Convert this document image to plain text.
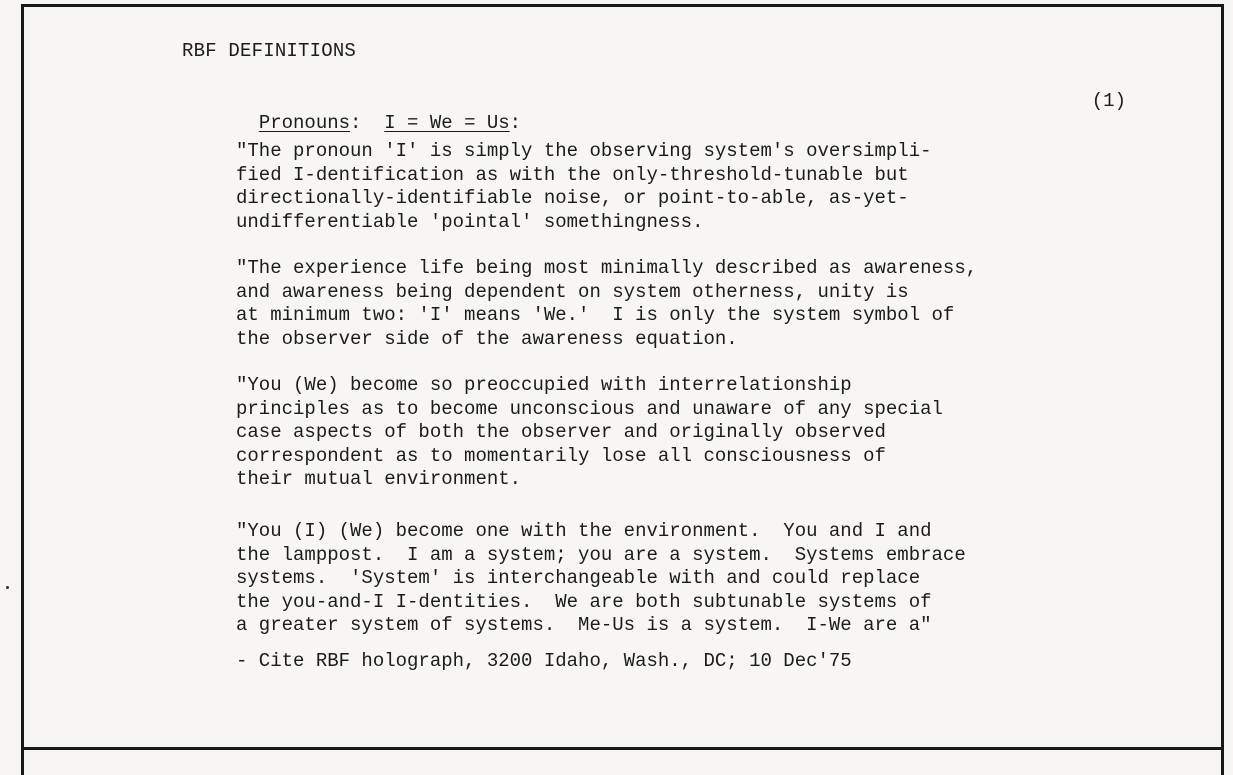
RBF DEFINITIONS

Pronouns: I = We = Us:

(1)

"The pronoun 'I' is simply the observing system's oversimpli-
fied I-dentification as with the only-threshold-tunable but
directionally-identifiable noise, or point-to-able, as-yet-
undifferentiable 'pointal' somethingness.
"The experience life being most minimally described as awareness,
and awareness being dependent on system otherness, unity is
at minimum two: 'I' means 'We.'  I is only the system symbol of
the observer side of the awareness equation.
"You (We) become so preoccupied with interrelationship
principles as to become unconscious and unaware of any special
case aspects of both the observer and originally observed
correspondent as to momentarily lose all consciousness of
their mutual environment.
"You (I) (We) become one with the environment.  You and I and
the lamppost.  I am a system; you are a system.  Systems embrace
systems.  'System' is interchangeable with and could replace
the you-and-I I-dentities.  We are both subtunable systems of
a greater system of systems.  Me-Us is a system.  I-We are a"
- Cite RBF holograph, 3200 Idaho, Wash., DC; 10 Dec'75
